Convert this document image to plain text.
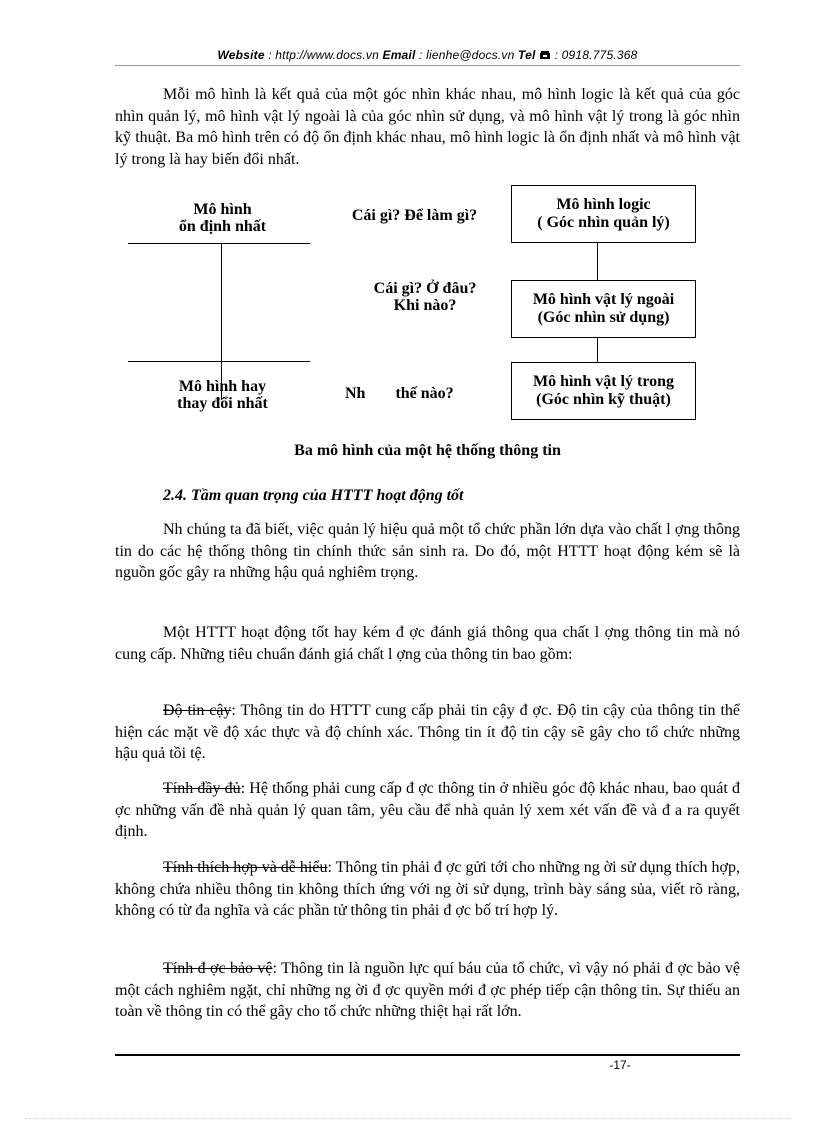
Website : http://www.docs.vn Email : lienhe@docs.vn Tel  : 0918.775.368

Mỗi mô hình là kết quả của một góc nhìn khác nhau, mô hình logic là kết quả của góc nhìn quản lý, mô hình vật lý ngoài là của góc nhìn sử dụng, và mô hình vật lý trong là góc nhìn kỹ thuật. Ba mô hình trên có độ ổn định khác nhau, mô hình logic là ổn định nhất và mô hình vật lý trong là hay biến đổi nhất.

Mô hình
ổn định nhất
Mô hình hay
thay đổi nhất
Cái gì? Để làm gì?
Cái gì? Ở đâu?
Khi nào?
Nh thế nào?
Mô hình logic
( Góc nhìn quản lý)
Mô hình vật lý ngoài
(Góc nhìn sử dụng)
Mô hình vật lý trong
(Góc nhìn kỹ thuật)
Ba mô hình của một hệ thống thông tin
2.4. Tầm quan trọng của HTTT hoạt động tốt

Nh chúng ta đã biết, việc quản lý hiệu quả một tổ chức phần lớn dựa vào chất l ợng thông tin do các hệ thống thông tin chính thức sản sinh ra. Do đó, một HTTT hoạt động kém sẽ là nguồn gốc gây ra những hậu quả nghiêm trọng.

Một HTTT hoạt động tốt hay kém đ ợc đánh giá thông qua chất l ợng thông tin mà nó cung cấp. Những tiêu chuẩn đánh giá chất l ợng của thông tin bao gồm:

Độ tin cậy: Thông tin do HTTT cung cấp phải tin cậy đ ợc. Độ tin cậy của thông tin thể hiện các mặt về độ xác thực và độ chính xác. Thông tin ít độ tin cậy sẽ gây cho tổ chức những hậu quả tồi tệ.

Tính đầy đủ: Hệ thống phải cung cấp đ ợc thông tin ở nhiều góc độ khác nhau, bao quát đ ợc những vấn đề nhà quản lý quan tâm, yêu cầu để nhà quản lý xem xét vấn đề và đ a ra quyết định.

Tính thích hợp và dễ hiểu: Thông tin phải đ ợc gửi tới cho những ng ời sử dụng thích hợp, không chứa nhiều thông tin không thích ứng với ng ời sử dụng, trình bày sáng sủa, viết rõ ràng, không có từ đa nghĩa và các phần tử thông tin phải đ ợc bố trí hợp lý.

Tính đ ợc bảo vệ: Thông tin là nguồn lực quí báu của tổ chức, vì vậy nó phải đ ợc bảo vệ một cách nghiêm ngặt, chỉ những ng ời đ ợc quyền mới đ ợc phép tiếp cận thông tin. Sự thiếu an toàn về thông tin có thể gây cho tổ chức những thiệt hại rất lớn.

-17-
